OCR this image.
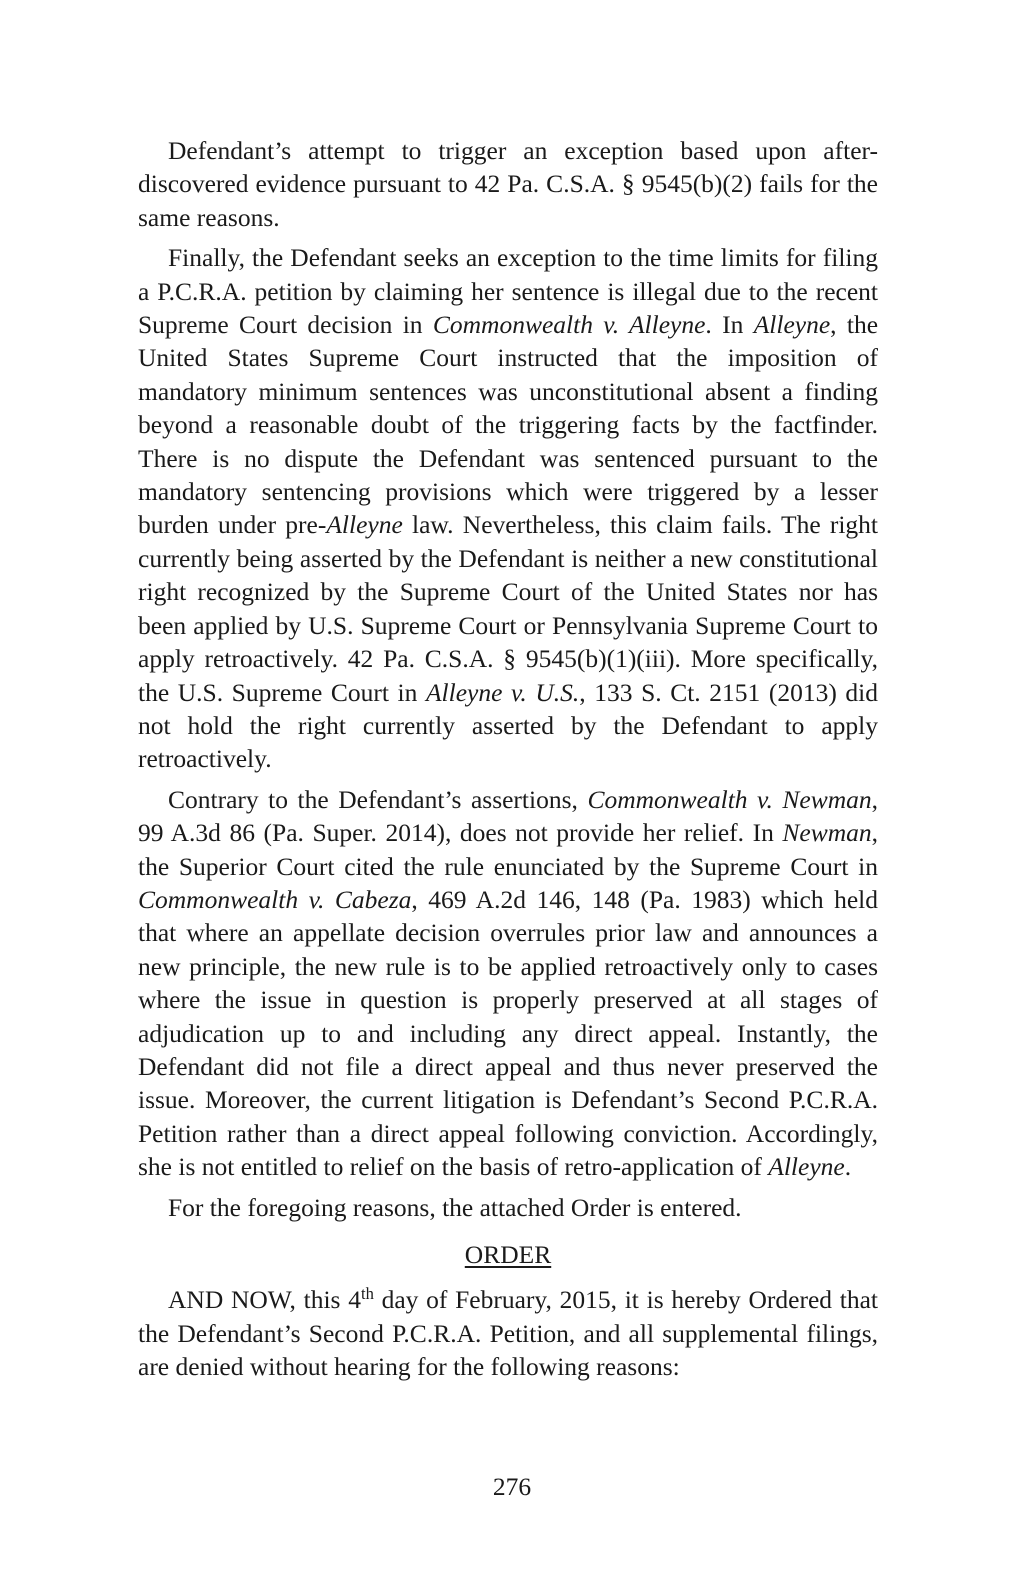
Defendant’s attempt to trigger an exception based upon after-discovered evidence pursuant to 42 Pa. C.S.A. § 9545(b)(2) fails for the same reasons.

Finally, the Defendant seeks an exception to the time limits for filing a P.C.R.A. petition by claiming her sentence is illegal due to the recent Supreme Court decision in Commonwealth v. Alleyne. In Alleyne, the United States Supreme Court instructed that the imposition of mandatory minimum sentences was unconstitutional absent a finding beyond a reasonable doubt of the triggering facts by the factfinder. There is no dispute the Defendant was sentenced pursuant to the mandatory sentencing provisions which were triggered by a lesser burden under pre-Alleyne law. Nevertheless, this claim fails. The right currently being asserted by the Defendant is neither a new constitutional right recognized by the Supreme Court of the United States nor has been applied by U.S. Supreme Court or Pennsylvania Supreme Court to apply retroactively. 42 Pa. C.S.A. § 9545(b)(1)(iii). More specifically, the U.S. Supreme Court in Alleyne v. U.S., 133 S. Ct. 2151 (2013) did not hold the right currently asserted by the Defendant to apply retroactively.

Contrary to the Defendant’s assertions, Commonwealth v. Newman, 99 A.3d 86 (Pa. Super. 2014), does not provide her relief. In Newman, the Superior Court cited the rule enunciated by the Supreme Court in Commonwealth v. Cabeza, 469 A.2d 146, 148 (Pa. 1983) which held that where an appellate decision overrules prior law and announces a new principle, the new rule is to be applied retroactively only to cases where the issue in question is properly preserved at all stages of adjudication up to and including any direct appeal. Instantly, the Defendant did not file a direct appeal and thus never preserved the issue. Moreover, the current litigation is Defendant’s Second P.C.R.A. Petition rather than a direct appeal following conviction. Accordingly, she is not entitled to relief on the basis of retro-application of Alleyne.

For the foregoing reasons, the attached Order is entered.

ORDER

AND NOW, this 4th day of February, 2015, it is hereby Ordered that the Defendant’s Second P.C.R.A. Petition, and all supplemental filings, are denied without hearing for the following reasons:

276
